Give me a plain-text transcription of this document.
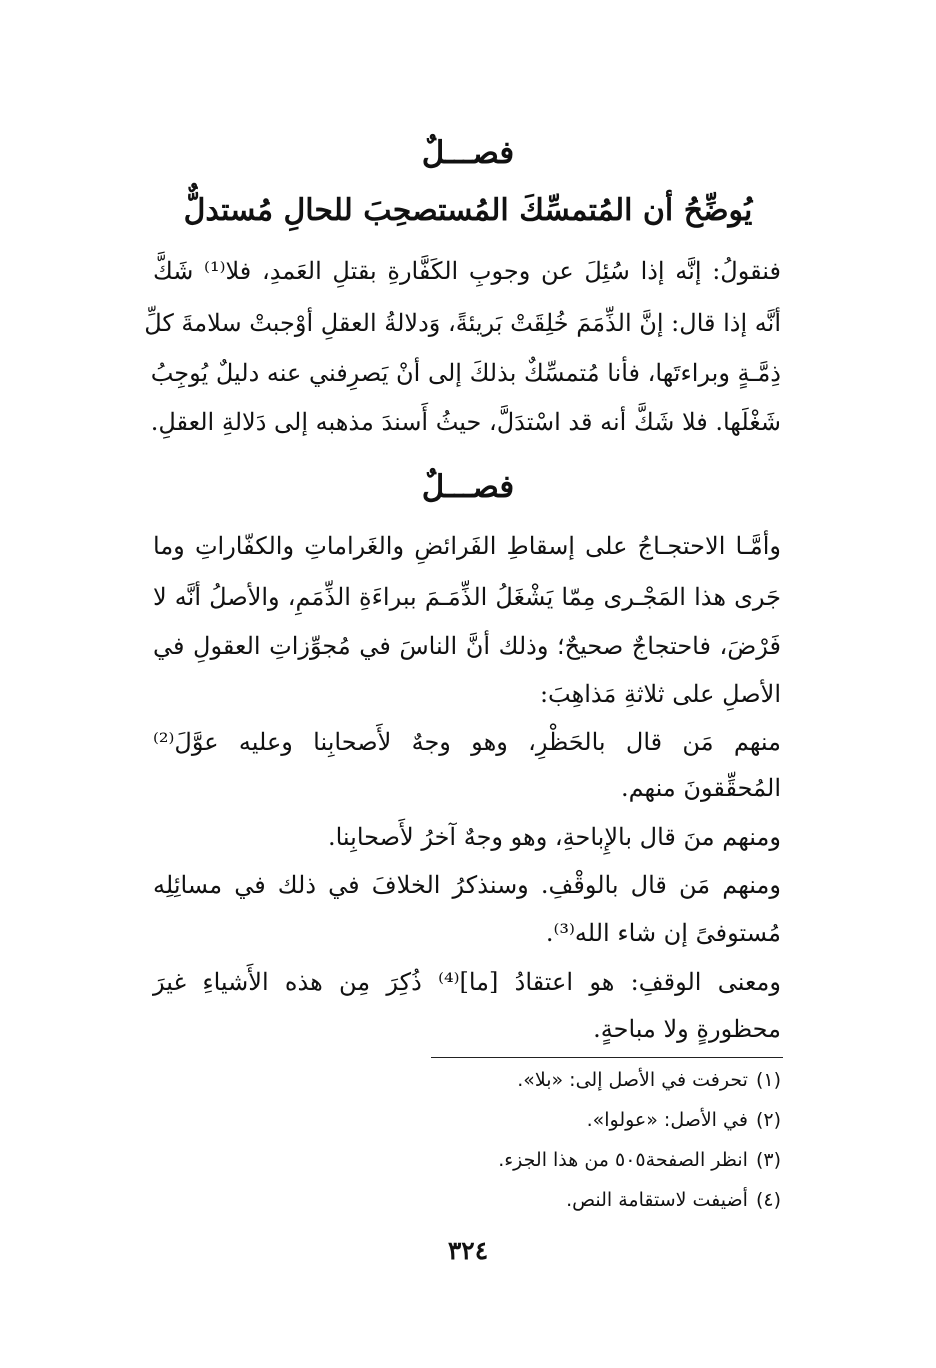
فصـــلٌ
يُوضِّحُ أن المُتمسِّكَ المُستصحِبَ للحالِ مُستدلٌّ
فنقولُ: إنَّه إذا سُئِلَ عن وجوبِ الكَفَّارةِ بقتلِ العَمدِ، فلا⁽¹⁾ شَكَّ
أنَّه إذا قال: إنَّ الذِّمَمَ خُلِقَتْ بَريئةً، وَدلالةُ العقلِ أوْجبتْ سلامةَ كلِّ
ذِمَّـةٍ وبراءتَها، فأنا مُتمسِّكٌ بذلكَ إلى أنْ يَصرِفني عنه دليلٌ يُوجِبُ
شَغْلَها. فلا شَكَّ أنه قد اسْتدَلَّ، حيثُ أَسندَ مذهبه إلى دَلالةِ العقلِ.
فصـــلٌ
وأمَّـا الاحتجـاجُ على إسقاطِ الفَرائضِ والغَراماتِ والكفّاراتِ وما
جَرى هذا المَجْـرى مِمّا يَشْغَلُ الذِّمَـمَ ببراءَةِ الذِّمَمِ، والأصلُ أنَّه لا
فَرْضَ، فاحتجاجٌ صحيحٌ؛ وذلك أنَّ الناسَ في مُجوِّزاتِ العقولِ في
الأصلِ على ثلاثةِ مَذاهِبَ:
منهم مَن قال بالحَظْرِ، وهو وجهٌ لأَصحابِنا وعليه عوَّلَ⁽²⁾
المُحقِّقونَ منهم.
ومنهم منَ قال بالإِباحةِ، وهو وجهٌ آخرُ لأَصحابِنا.
ومنهم مَن قال بالوقْفِ. وسنذكرُ الخلافَ في ذلك في مسائِلِه
مُستوفىً إن شاء الله⁽³⁾.
ومعنى الوقفِ: هو اعتقادُ [ما]⁽⁴⁾ ذُكِرَ مِن هذه الأَشياءِ غيرَ
محظورةٍ ولا مباحةٍ.
(١)تحرفت في الأصل إلى: «بلا».
(٢)في الأصل: «عولوا».
(٣)انظر الصفحة٥٠٥ من هذا الجزء.
(٤)أضيفت لاستقامة النص.
٣٢٤
